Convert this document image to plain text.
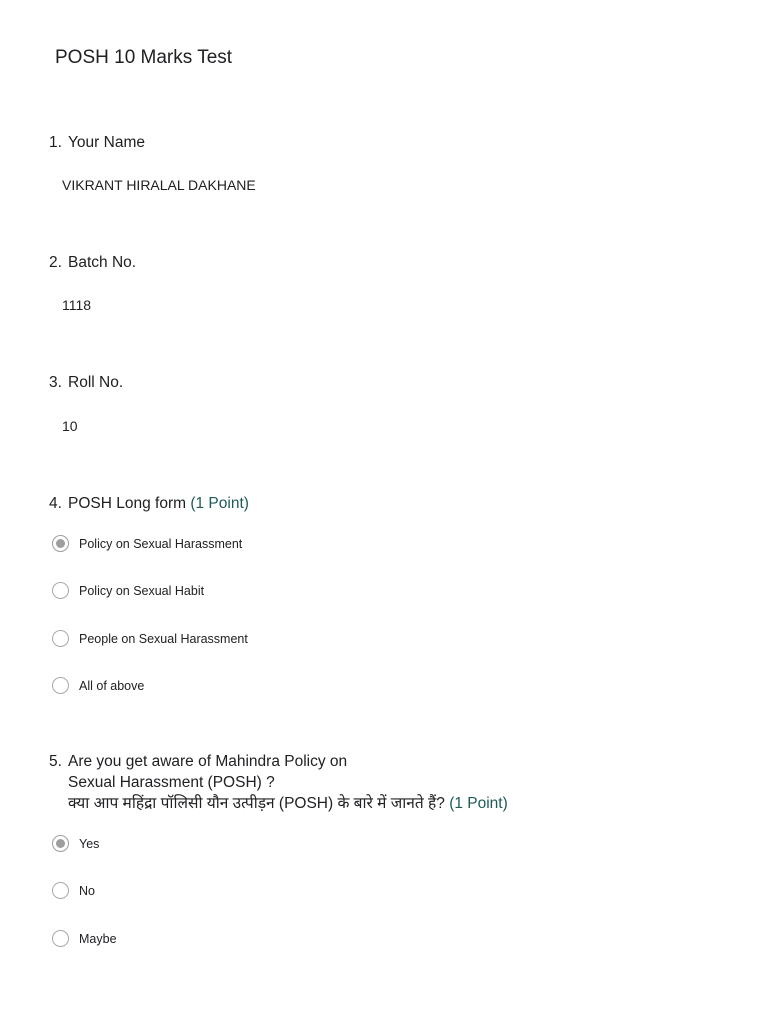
POSH 10 Marks Test
1. Your Name
VIKRANT HIRALAL DAKHANE
2. Batch No.
1118
3. Roll No.
10
4. POSH Long form (1 Point)
Policy on Sexual Harassment
Policy on Sexual Habit
People on Sexual Harassment
All of above
5. Are you get aware of Mahindra Policy on
Sexual Harassment (POSH) ?
क्या आप महिंद्रा पॉलिसी यौन उत्पीड़न (POSH) के बारे में जानते हैं? (1 Point)
Yes
No
Maybe
